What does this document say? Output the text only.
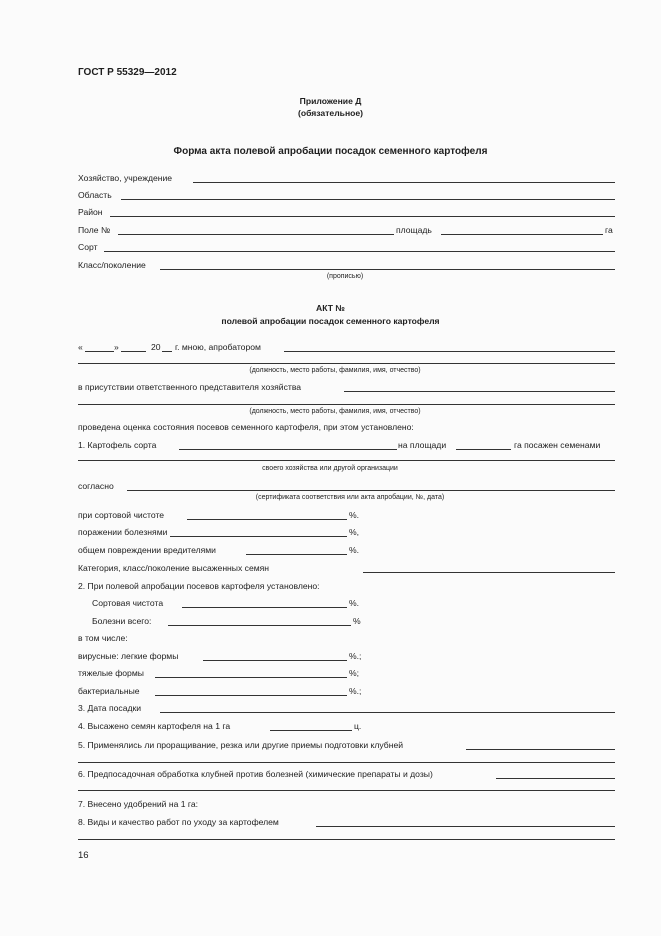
ГОСТ Р 55329—2012
Приложение Д
(обязательное)
Форма акта полевой апробации посадок семенного картофеля
Хозяйство, учреждение
Область
Район
Поле №	площадь	га
Сорт
Класс/поколение
(прописью)
АКТ №
полевой апробации посадок семенного картофеля
«	»	20 г. мною, апробатором
(должность, место работы, фамилия, имя, отчество)
в присутствии ответственного представителя хозяйства
(должность, место работы, фамилия, имя, отчество)
проведена оценка состояния посевов семенного картофеля, при этом установлено:
1. Картофель сорта	на площади	га посажен семенами
своего хозяйства или другой организации
согласно
(сертификата соответствия или акта апробации, №, дата)
при сортовой чистоте	%.
поражении болезнями	%,
общем повреждении вредителями	%.
Категория, класс/поколение высаженных семян
2. При полевой апробации посевов картофеля установлено:
Сортовая чистота	%.
Болезни всего:	%
в том числе:
вирусные: легкие формы	%.;
тяжелые формы	%;
бактериальные	%.;
3. Дата посадки
4. Высажено семян картофеля на 1 га	ц.
5. Применялись ли проращивание, резка или другие приемы подготовки клубней
6. Предпосадочная обработка клубней против болезней (химические препараты и дозы)
7. Внесено удобрений на 1 га:
8. Виды и качество работ по уходу за картофелем
16
